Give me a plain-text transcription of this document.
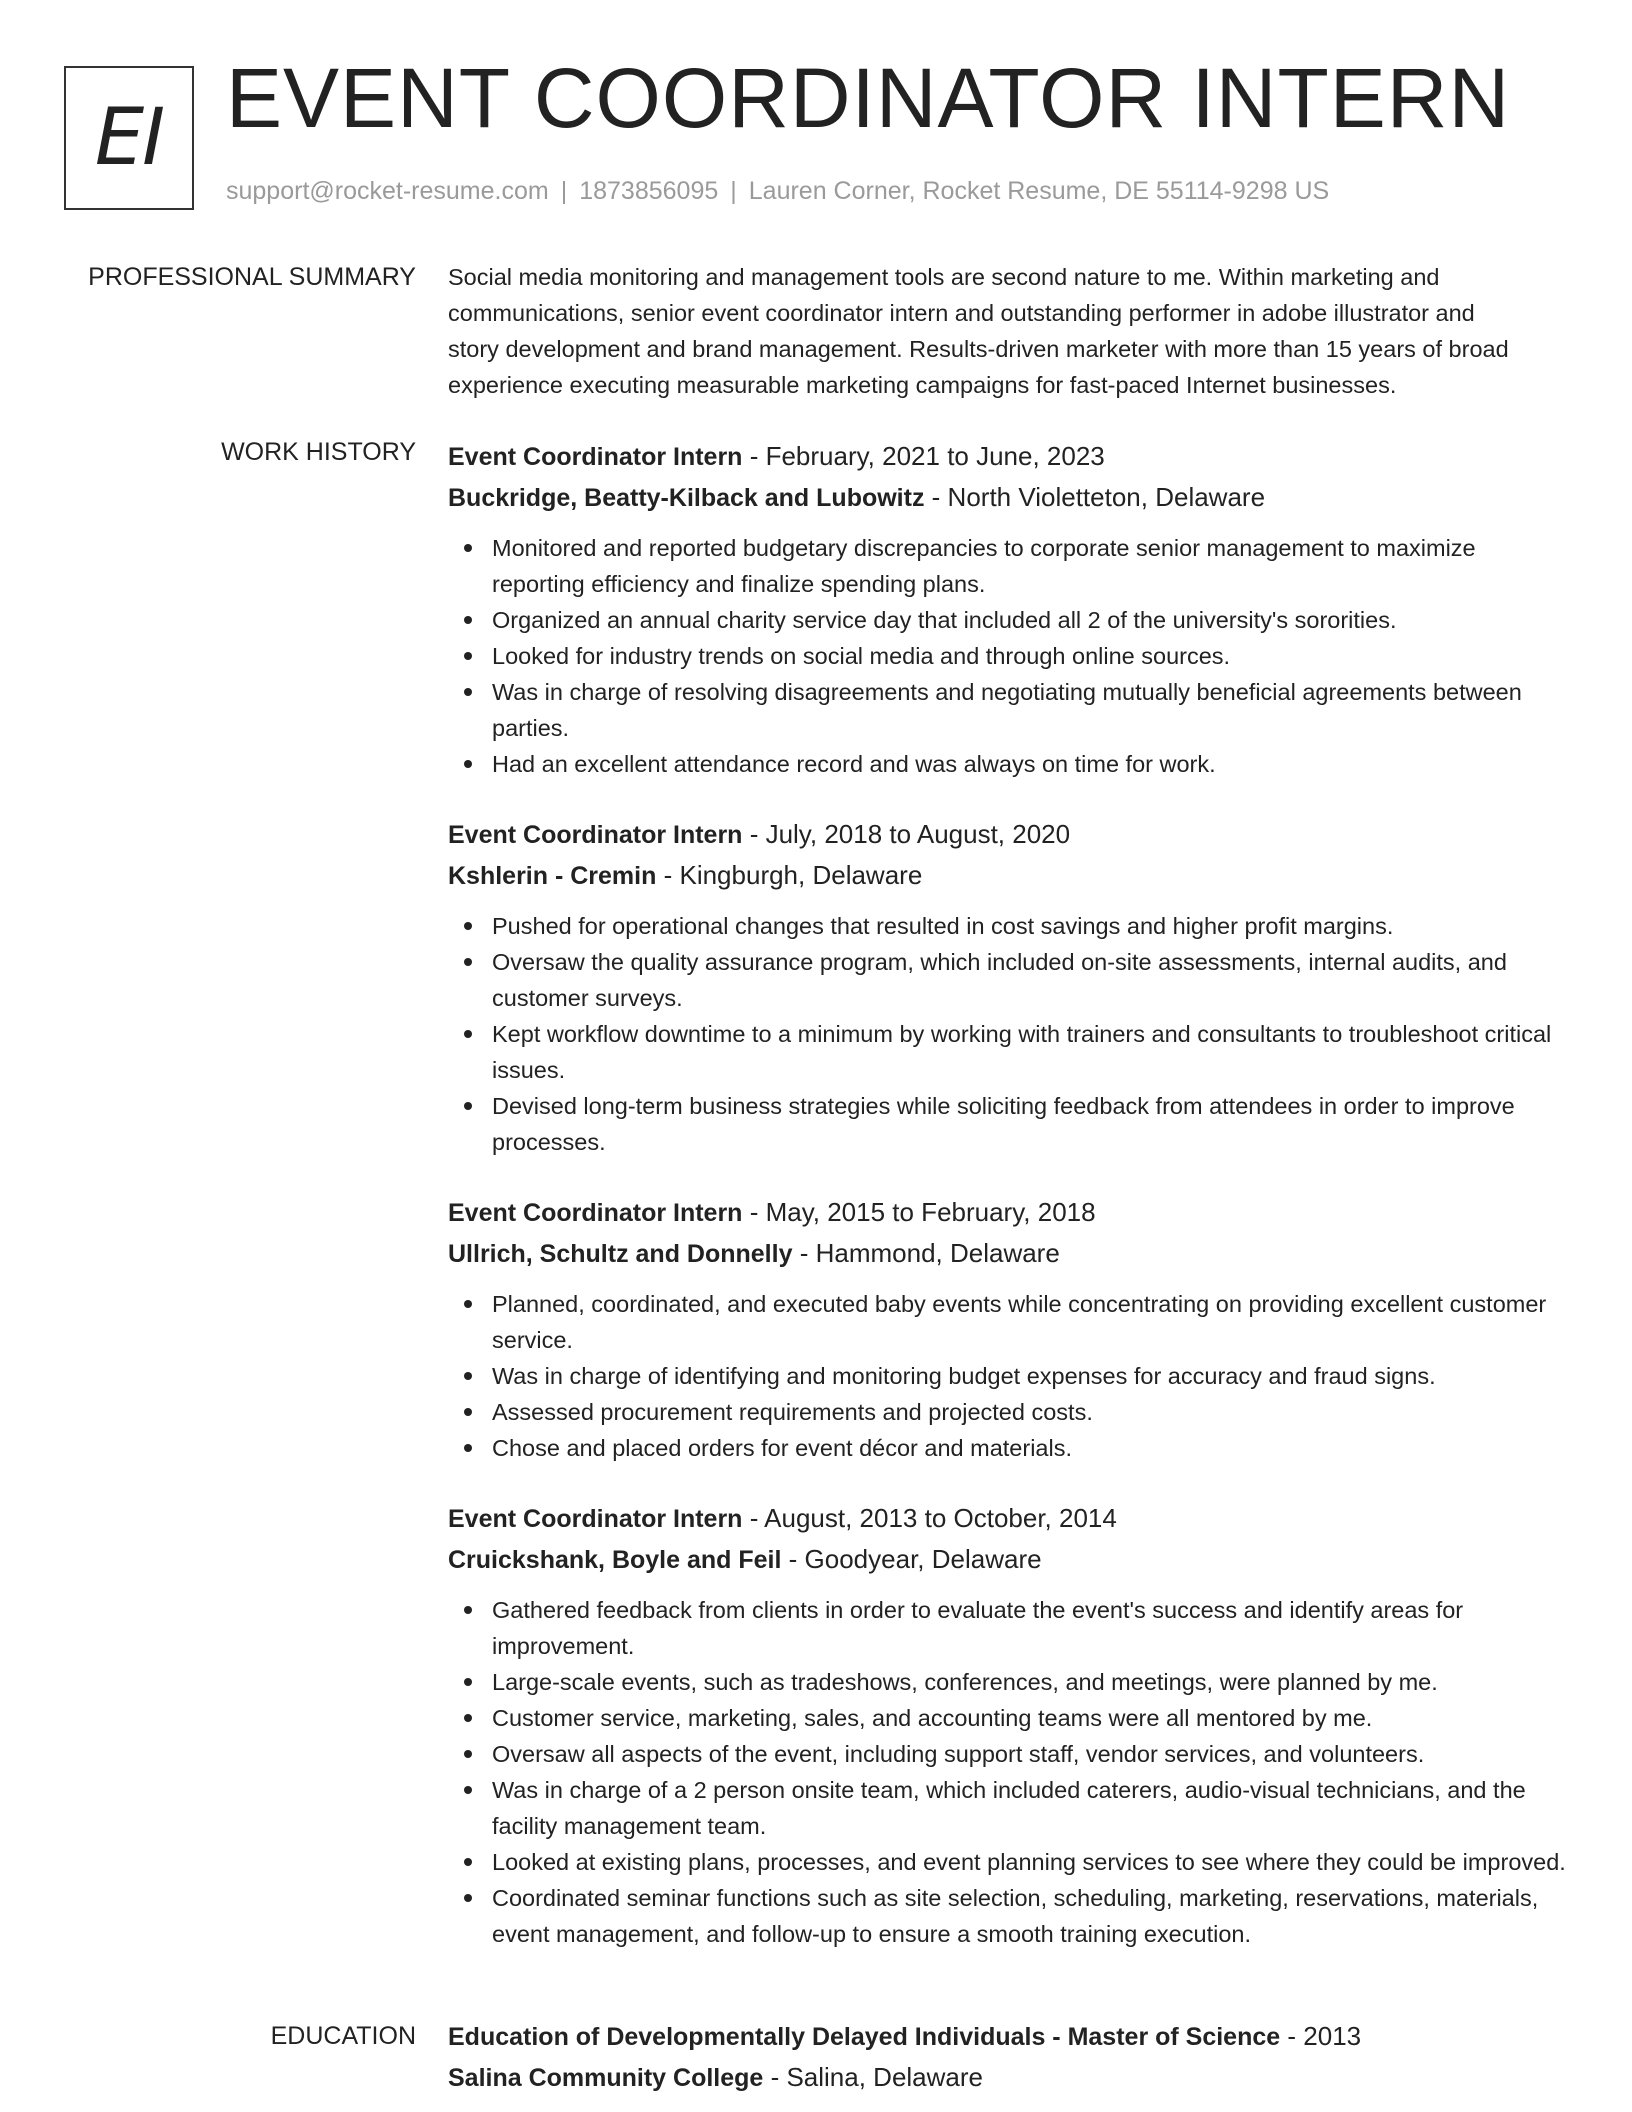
EI EVENT COORDINATOR INTERN
support@rocket-resume.com | 1873856095 | Lauren Corner, Rocket Resume, DE 55114-9298 US
PROFESSIONAL SUMMARY Social media monitoring and management tools are second nature to me. Within marketing and
communications, senior event coordinator intern and outstanding performer in adobe illustrator and
story development and brand management. Results-driven marketer with more than 15 years of broad
experience executing measurable marketing campaigns for fast-paced Internet businesses.
WORK HISTORY Event Coordinator Intern - February, 2021 to June, 2023
Buckridge, Beatty-Kilback and Lubowitz - North Violetteton, Delaware
Monitored and reported budgetary discrepancies to corporate senior management to maximize reporting efficiency and finalize spending plans.
Organized an annual charity service day that included all 2 of the university's sororities.
Looked for industry trends on social media and through online sources.
Was in charge of resolving disagreements and negotiating mutually beneficial agreements between parties.
Had an excellent attendance record and was always on time for work.
Event Coordinator Intern - July, 2018 to August, 2020
Kshlerin - Cremin - Kingburgh, Delaware
Pushed for operational changes that resulted in cost savings and higher profit margins.
Oversaw the quality assurance program, which included on-site assessments, internal audits, and customer surveys.
Kept workflow downtime to a minimum by working with trainers and consultants to troubleshoot critical issues.
Devised long-term business strategies while soliciting feedback from attendees in order to improve processes.
Event Coordinator Intern - May, 2015 to February, 2018
Ullrich, Schultz and Donnelly - Hammond, Delaware
Planned, coordinated, and executed baby events while concentrating on providing excellent customer service.
Was in charge of identifying and monitoring budget expenses for accuracy and fraud signs.
Assessed procurement requirements and projected costs.
Chose and placed orders for event décor and materials.
Event Coordinator Intern - August, 2013 to October, 2014
Cruickshank, Boyle and Feil - Goodyear, Delaware
Gathered feedback from clients in order to evaluate the event's success and identify areas for improvement.
Large-scale events, such as tradeshows, conferences, and meetings, were planned by me.
Customer service, marketing, sales, and accounting teams were all mentored by me.
Oversaw all aspects of the event, including support staff, vendor services, and volunteers.
Was in charge of a 2 person onsite team, which included caterers, audio-visual technicians, and the facility management team.
Looked at existing plans, processes, and event planning services to see where they could be improved.
Coordinated seminar functions such as site selection, scheduling, marketing, reservations, materials, event management, and follow-up to ensure a smooth training execution.
EDUCATION Education of Developmentally Delayed Individuals - Master of Science - 2013
Salina Community College - Salina, Delaware
